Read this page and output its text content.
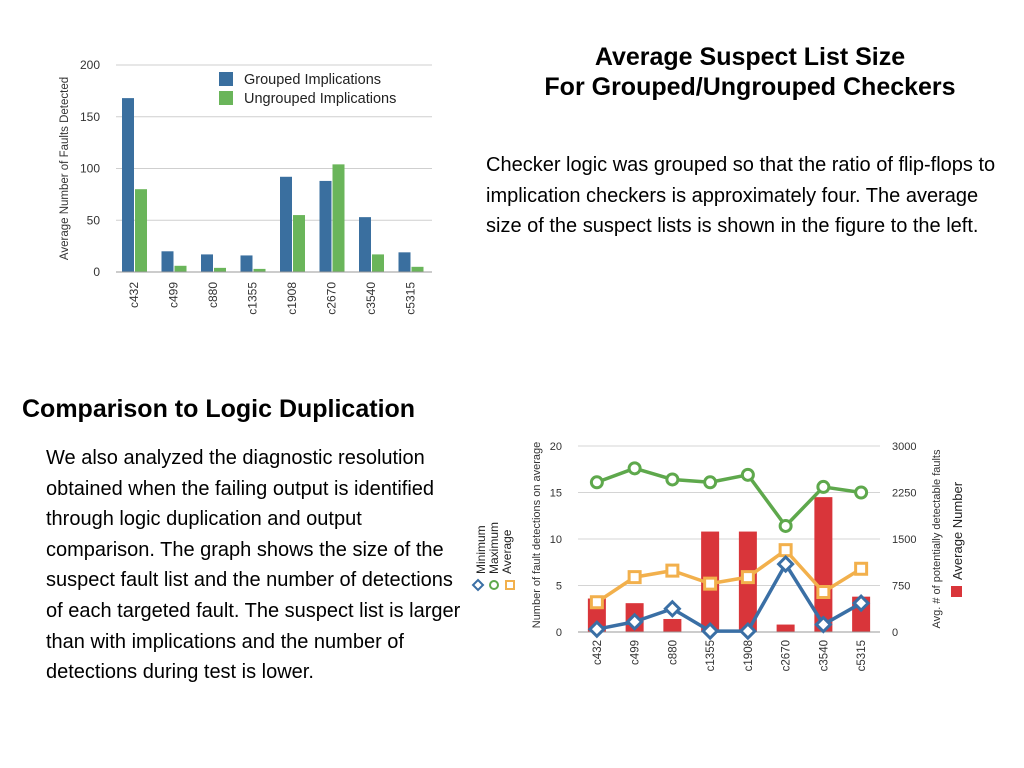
Average Suspect List Size
For Grouped/Ungrouped Checkers
Checker logic was grouped so that the ratio of flip-flops to implication checkers is approximately four. The average size of the suspect lists is shown in the figure to the left.
Comparison to Logic Duplication
We also analyzed the diagnostic resolution obtained when the failing output is identified through logic duplication and output comparison. The graph shows the size of the suspect fault list and the number of detections of each targeted fault. The suspect list is larger than with implications and the number of detections during test is lower.
0
50
100
150
200
Average Number of Faults Detected
c432 c499 c880 c1355 c1908 c2670 c3540 c5315
Grouped Implications
Ungrouped Implications
0
5
10
15
20
0
750
1500
2250
3000
Number of fault detections on average	Avg. # of potentially detectable faults
c432 c499 c880 c1355 c1908 c2670 c3540 c5315
Minimum Maximum Average	Average Number
